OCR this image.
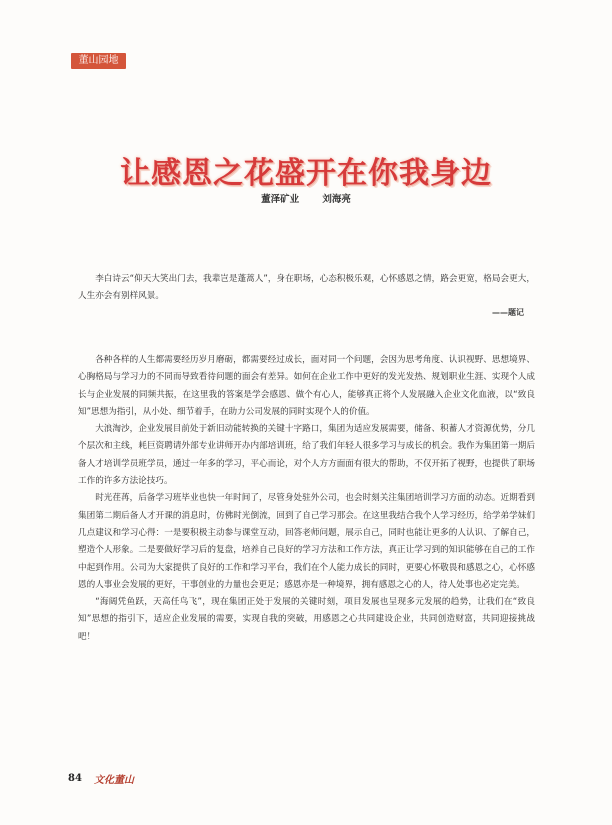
董山园地
让感恩之花盛开在你我身边
董泽矿业 刘海亮

李白诗云“仰天大笑出门去，我辈岂是蓬蒿人”，身在职场，心态积极乐观，心怀感恩之情，路会更宽，格局会更大，人生亦会有别样风景。

——题记

各种各样的人生都需要经历岁月磨砺，都需要经过成长，面对同一个问题，会因为思考角度、认识视野、思想境界、心胸格局与学习力的不同而导致看待问题的面会有差异。如何在企业工作中更好的发光发热、规划职业生涯、实现个人成长与企业发展的同频共振，在这里我的答案是学会感恩、做个有心人，能够真正将个人发展融入企业文化血液，以“致良知”思想为指引，从小处、细节着手，在助力公司发展的同时实现个人的价值。

大浪淘沙，企业发展目前处于新旧动能转换的关键十字路口，集团为适应发展需要，储备、积蓄人才资源优势，分几个层次和主线，耗巨资聘请外部专业讲师开办内部培训班，给了我们年轻人很多学习与成长的机会。我作为集团第一期后备人才培训学员班学员，通过一年多的学习，平心而论，对个人方方面面有很大的帮助，不仅开拓了视野，也提供了职场工作的许多方法论技巧。

时光荏苒，后备学习班毕业也快一年时间了，尽管身处驻外公司，也会时刻关注集团培训学习方面的动态。近期看到集团第二期后备人才开课的消息时，仿佛时光倒流，回到了自己学习那会。在这里我结合我个人学习经历，给学弟学妹们几点建议和学习心得：一是要积极主动参与课堂互动，回答老师问题，展示自己，同时也能让更多的人认识、了解自己，塑造个人形象。二是要做好学习后的复盘，培养自己良好的学习方法和工作方法，真正让学习到的知识能够在自己的工作中起到作用。公司为大家提供了良好的工作和学习平台，我们在个人能力成长的同时，更要心怀敬畏和感恩之心，心怀感恩的人事业会发展的更好，干事创业的力量也会更足；感恩亦是一种境界，拥有感恩之心的人，待人处事也必定完美。

“海阔凭鱼跃，天高任鸟飞”，现在集团正处于发展的关键时刻，项目发展也呈现多元发展的趋势，让我们在“致良知”思想的指引下，适应企业发展的需要，实现自我的突破，用感恩之心共同建设企业，共同创造财富，共同迎接挑战吧！

84 文化董山
